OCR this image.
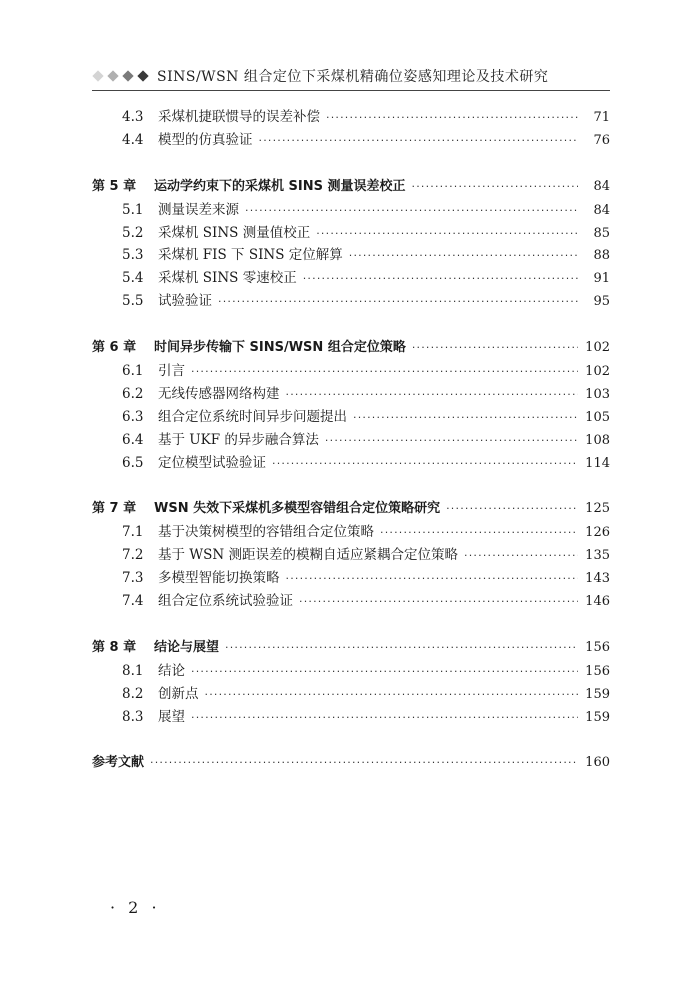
SINS/WSN 组合定位下采煤机精确位姿感知理论及技术研究
4.3	采煤机捷联惯导的误差补偿 ·····	71
4.4	模型的仿真验证 ·····	76
第 5 章	运动学约束下的采煤机 SINS 测量误差校正 ·····	84
5.1	测量误差来源 ·····	84
5.2	采煤机 SINS 测量值校正 ·····	85
5.3	采煤机 FIS 下 SINS 定位解算 ·····	88
5.4	采煤机 SINS 零速校正 ·····	91
5.5	试验验证 ·····	95
第 6 章	时间异步传输下 SINS/WSN 组合定位策略 ·····	102
6.1	引言 ·····	102
6.2	无线传感器网络构建 ·····	103
6.3	组合定位系统时间异步问题提出 ·····	105
6.4	基于 UKF 的异步融合算法 ·····	108
6.5	定位模型试验验证 ·····	114
第 7 章	WSN 失效下采煤机多模型容错组合定位策略研究 ·····	125
7.1	基于决策树模型的容错组合定位策略 ·····	126
7.2	基于 WSN 测距误差的模糊自适应紧耦合定位策略 ·····	135
7.3	多模型智能切换策略 ·····	143
7.4	组合定位系统试验验证 ·····	146
第 8 章	结论与展望 ·····	156
8.1	结论 ·····	156
8.2	创新点 ·····	159
8.3	展望 ·····	159
参考文献 ·····	160
· 2 ·
